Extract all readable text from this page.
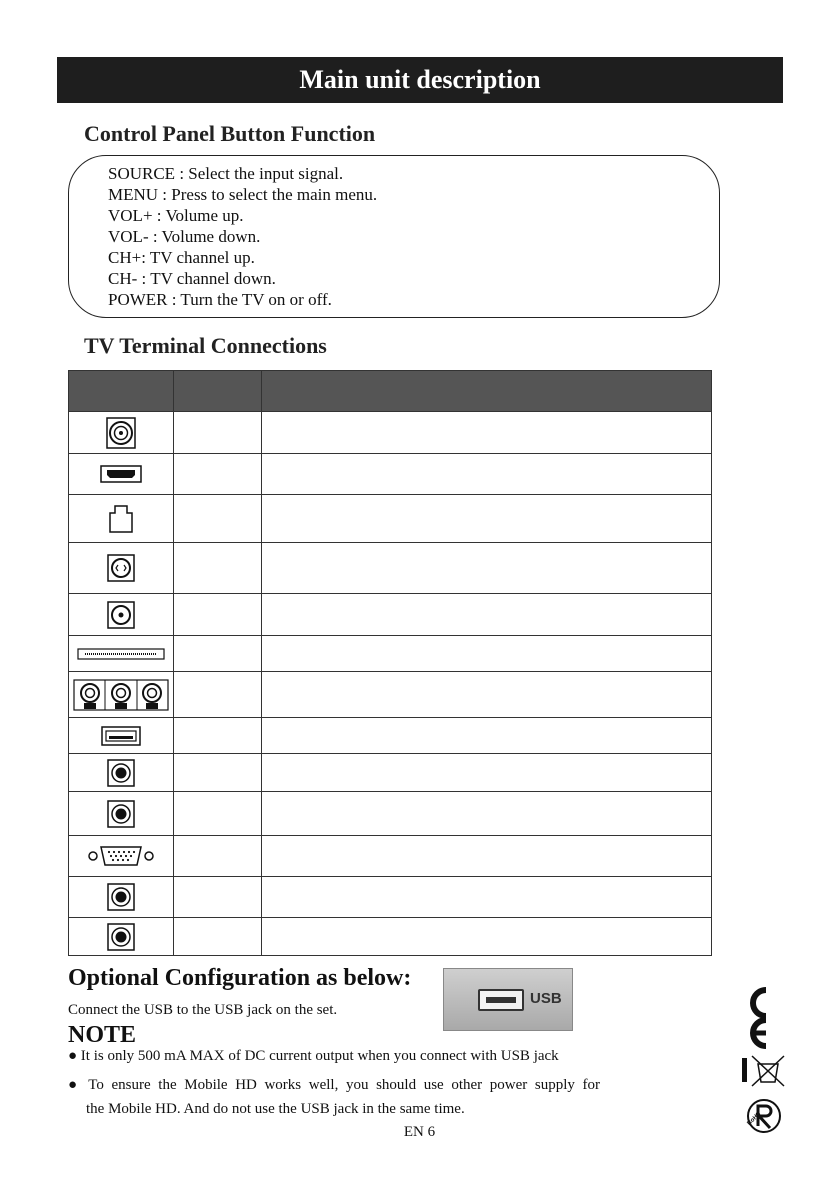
Main unit description
Control Panel Button Function
SOURCE : Select the input signal.
MENU : Press to select the main menu.
VOL+ : Volume up.
VOL- : Volume down.
CH+: TV channel up.
CH- : TV channel down.
POWER : Turn the TV on or off.
TV Terminal Connections

Optional Configuration as below:
Connect the USB to the USB jack on the set.
USB
NOTE
● It is only 500 mA MAX of DC current output when you connect with USB jack
● To ensure the Mobile HD works well, you should use other power supply for
the Mobile HD. And do not use the USB jack in the same time.
EN 6
RoHS
